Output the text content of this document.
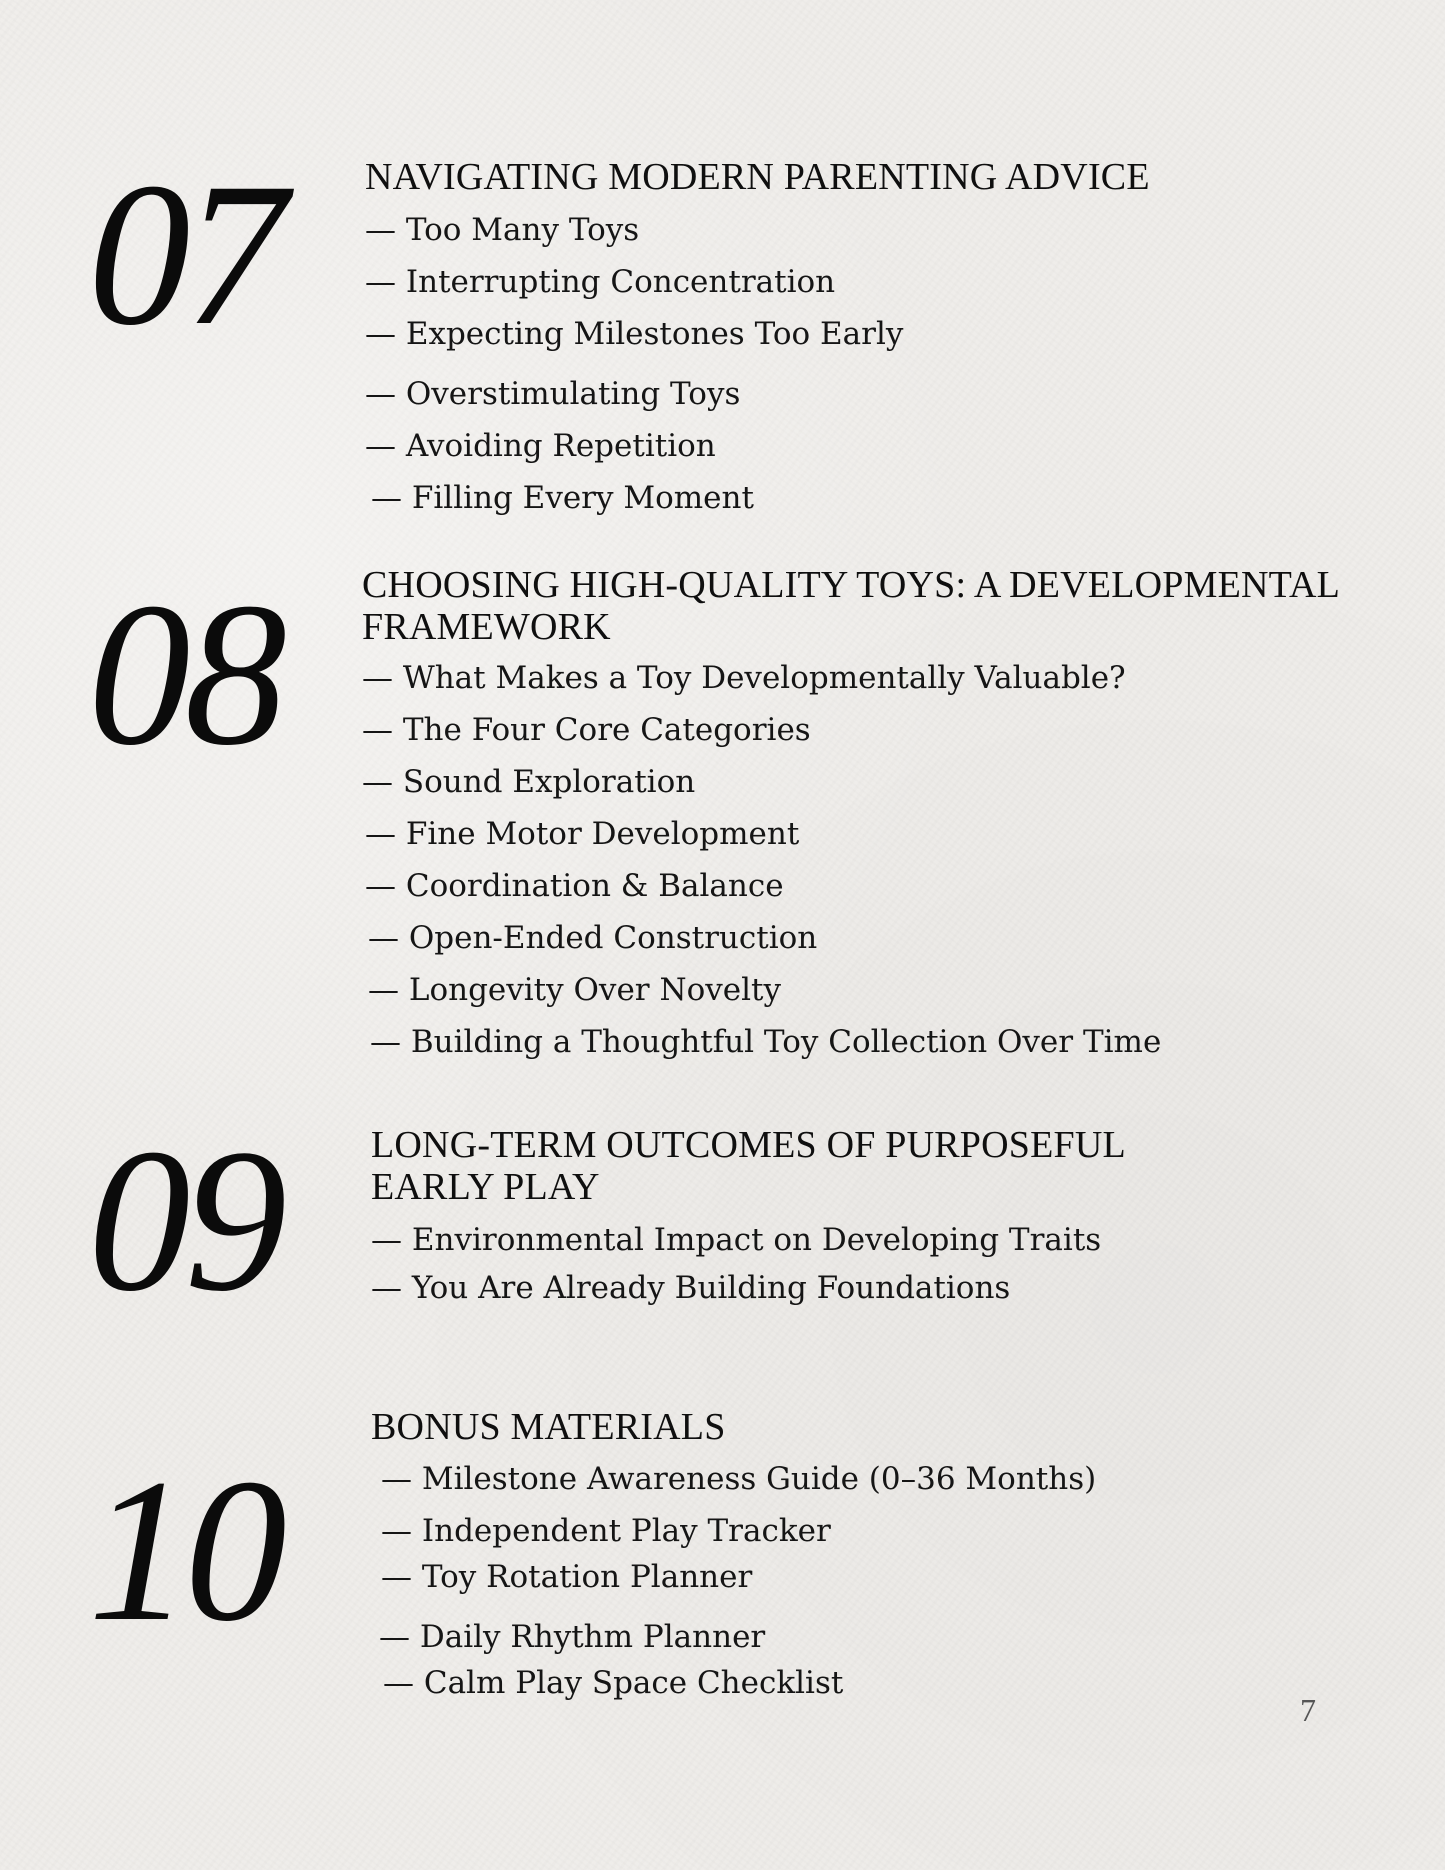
07 NAVIGATING MODERN PARENTING ADVICE

— Too Many Toys

— Interrupting Concentration

— Expecting Milestones Too Early

— Overstimulating Toys

— Avoiding Repetition

— Filling Every Moment

08 CHOOSING HIGH-QUALITY TOYS: A DEVELOPMENTAL
FRAMEWORK

— What Makes a Toy Developmentally Valuable?

— The Four Core Categories

— Sound Exploration

— Fine Motor Development

— Coordination & Balance

— Open-Ended Construction

— Longevity Over Novelty

— Building a Thoughtful Toy Collection Over Time

09 LONG-TERM OUTCOMES OF PURPOSEFUL
EARLY PLAY

— Environmental Impact on Developing Traits

— You Are Already Building Foundations

10
BONUS MATERIALS

— Milestone Awareness Guide (0–36 Months)

— Independent Play Tracker

— Toy Rotation Planner

— Daily Rhythm Planner

— Calm Play Space Checklist

7
